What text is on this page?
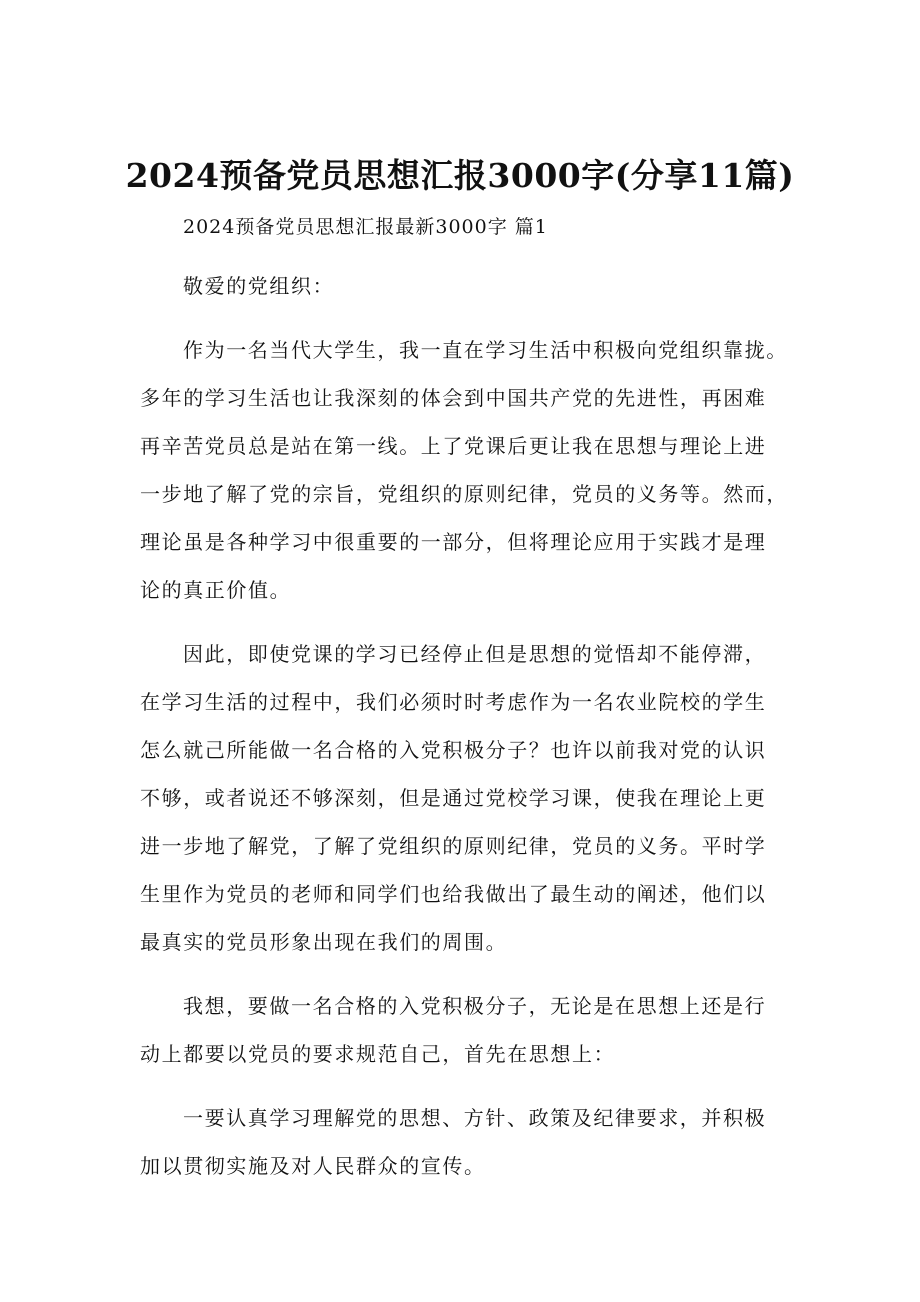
2024预备党员思想汇报3000字(分享11篇)
2024预备党员思想汇报最新3000字 篇1
敬爱的党组织：
作为一名当代大学生，我一直在学习生活中积极向党组织靠拢。
多年的学习生活也让我深刻的体会到中国共产党的先进性，再困难
再辛苦党员总是站在第一线。上了党课后更让我在思想与理论上进
一步地了解了党的宗旨，党组织的原则纪律，党员的义务等。然而，
理论虽是各种学习中很重要的一部分，但将理论应用于实践才是理
论的真正价值。
因此，即使党课的学习已经停止但是思想的觉悟却不能停滞，
在学习生活的过程中，我们必须时时考虑作为一名农业院校的学生
怎么就己所能做一名合格的入党积极分子？也许以前我对党的认识
不够，或者说还不够深刻，但是通过党校学习课，使我在理论上更
进一步地了解党，了解了党组织的原则纪律，党员的义务。平时学
生里作为党员的老师和同学们也给我做出了最生动的阐述，他们以
最真实的党员形象出现在我们的周围。
我想，要做一名合格的入党积极分子，无论是在思想上还是行
动上都要以党员的要求规范自己，首先在思想上：
一要认真学习理解党的思想、方针、政策及纪律要求，并积极
加以贯彻实施及对人民群众的宣传。
